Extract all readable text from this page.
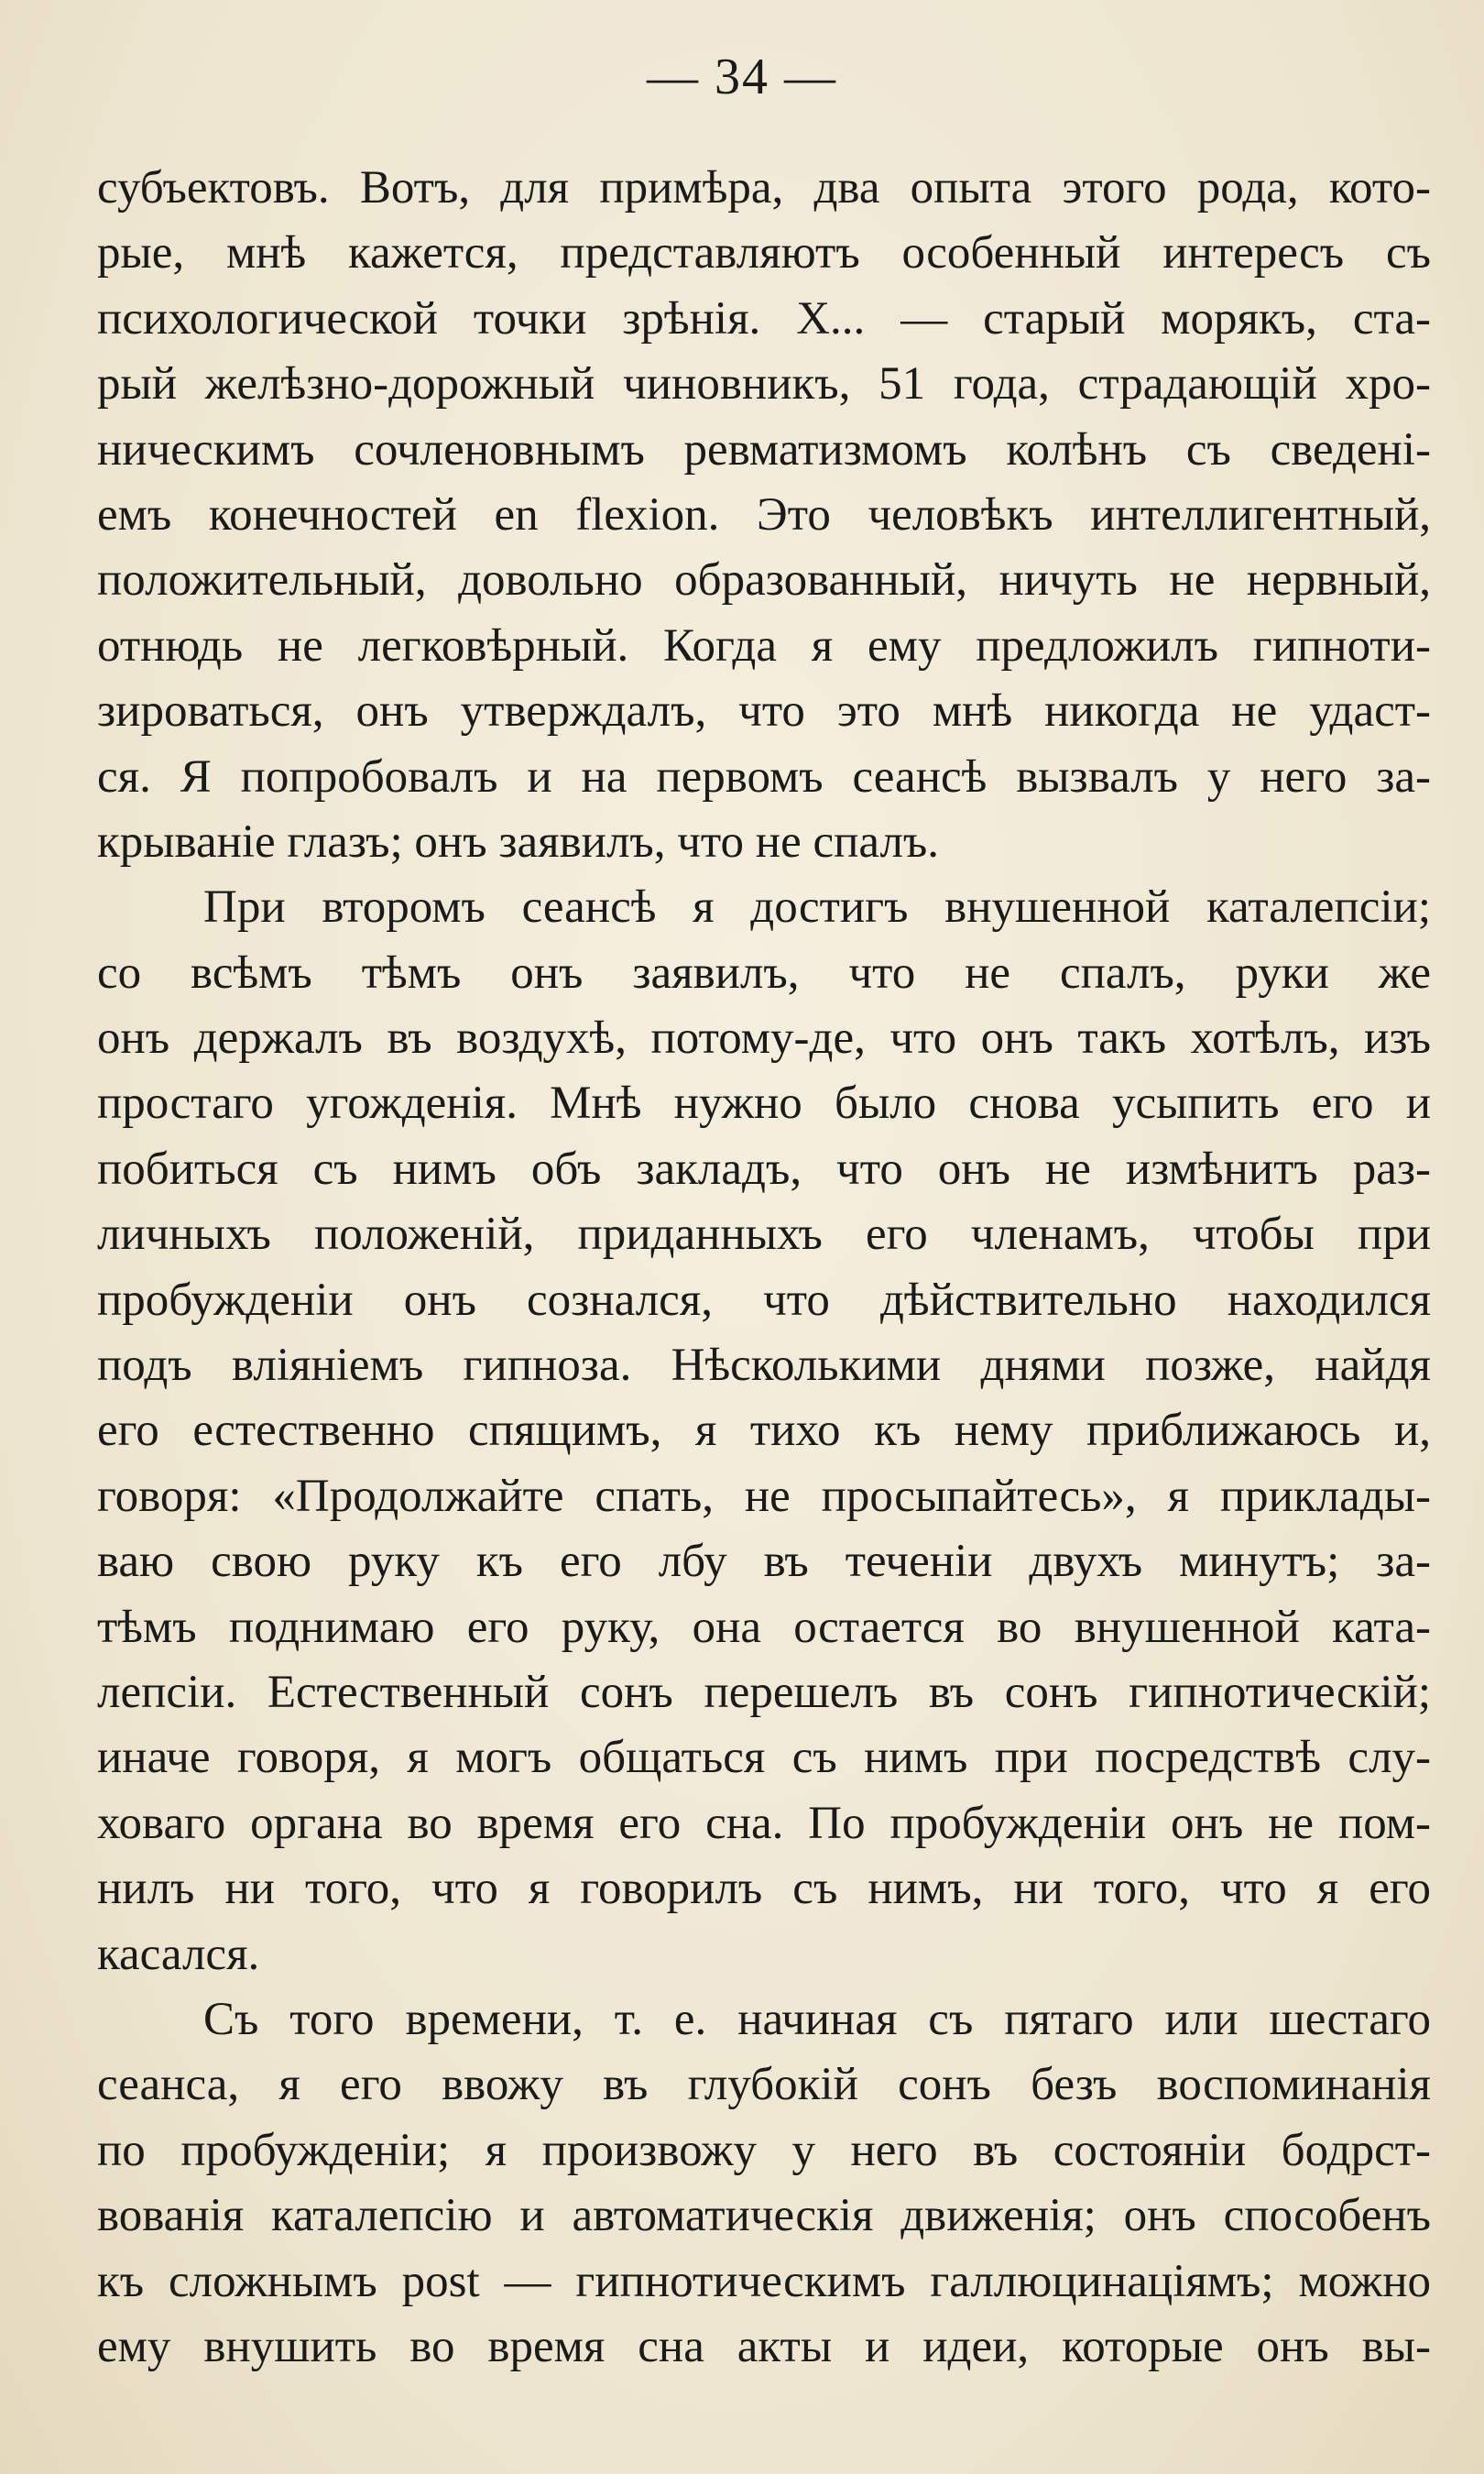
— 34 —
субъектовъ. Вотъ, для примѣра, два опыта этого рода, кото-
рые, мнѣ кажется, представляютъ особенный интересъ съ
психологической точки зрѣнія. X... — старый морякъ, ста-
рый желѣзно-дорожный чиновникъ, 51 года, страдающій хро-
ническимъ сочленовнымъ ревматизмомъ колѣнъ съ сведені-
емъ конечностей en flexion. Это человѣкъ интеллигентный,
положительный, довольно образованный, ничуть не нервный,
отнюдь не легковѣрный. Когда я ему предложилъ гипноти-
зироваться, онъ утверждалъ, что это мнѣ никогда не удаст-
ся. Я попробовалъ и на первомъ сеансѣ вызвалъ у него за-
крываніе глазъ; онъ заявилъ, что не спалъ.
При второмъ сеансѣ я достигъ внушенной каталепсіи;
со всѣмъ тѣмъ онъ заявилъ, что не спалъ, руки же
онъ держалъ въ воздухѣ, потому-де, что онъ такъ хотѣлъ, изъ
простаго угожденія. Мнѣ нужно было снова усыпить его и
побиться съ нимъ объ закладъ, что онъ не измѣнитъ раз-
личныхъ положеній, приданныхъ его членамъ, чтобы при
пробужденіи онъ сознался, что дѣйствительно находился
подъ вліяніемъ гипноза. Нѣсколькими днями позже, найдя
его естественно спящимъ, я тихо къ нему приближаюсь и,
говоря: «Продолжайте спать, не просыпайтесь», я приклады-
ваю свою руку къ его лбу въ теченіи двухъ минутъ; за-
тѣмъ поднимаю его руку, она остается во внушенной ката-
лепсіи. Естественный сонъ перешелъ въ сонъ гипнотическій;
иначе говоря, я могъ общаться съ нимъ при посредствѣ слу-
ховаго органа во время его сна. По пробужденіи онъ не пом-
нилъ ни того, что я говорилъ съ нимъ, ни того, что я его
касался.
Съ того времени, т. е. начиная съ пятаго или шестаго
сеанса, я его ввожу въ глубокій сонъ безъ воспоминанія
по пробужденіи; я произвожу у него въ состояніи бодрст-
вованія каталепсію и автоматическія движенія; онъ способенъ
къ сложнымъ post — гипнотическимъ галлюцинаціямъ; можно
ему внушить во время сна акты и идеи, которые онъ вы-
